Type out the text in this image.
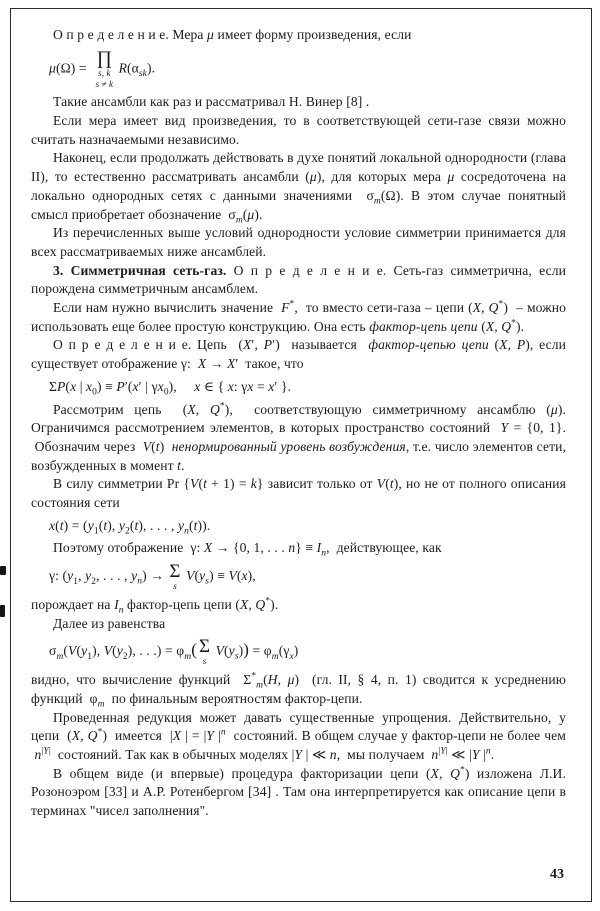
О п р е д е л е н и е. Мера μ имеет форму произведения, если

μ(Ω) = ∏
s, k
s ≠ k
$R(\alpha_{sk})$.

Такие ансамбли как раз и рассматривал Н. Винер [8] .

Если мера имеет вид произведения, то в соответствующей сети-газе связи можно считать назначаемыми независимо.

Наконец, если продолжать действовать в духе понятий локальной однородности (глава II), то естественно рассматривать ансамбли (μ), для которых мера μ сосредоточена на локально однородных сетях с данными значениями  $\sigma_m(\Omega)$. В этом случае понятный смысл приобретает обозначение  $\sigma_m(\mu)$.

Из перечисленных выше условий однородности условие симметрии принимается для всех рассматриваемых ниже ансамблей.

3. Симметричная сеть-газ. О п р е д е л е н и е. Сеть-газ симметрична, если порождена симметричным ансамблем.

Если нам нужно вычислить значение  F*,  то вместо сети-газа – цепи (X, Q*)  – можно использовать еще более простую конструкцию. Она есть фактор-цепь цепи (X, Q*).

О п р е д е л е н и е. Цепь  (X′, P′)  называется  фактор-цепью цепи (X, P), если существует отображение γ:  X → X′  такое, что

ΣP(x | $x_0) \equiv P'(x'$ | $\gamma x_0$),     x ∈ { x: γx = x′ }.

Рассмотрим цепь  (X, Q*),  соответствующую симметричному ансамблю (μ). Ограничимся рассмотрением элементов, в которых пространство состояний  Y = {0, 1}.  Обозначим через  V(t)  ненормированный уровень возбуждения, т.е. число элементов сети, возбужденных в момент t.

В силу симметрии Pr {V(t + 1) = k} зависит только от V(t), но не от полного описания состояния сети

$x(t) = (y_1(t)$, $y_2(t)$, . . . , $y_n(t)$).

Поэтому отображение  γ: X → {0, 1, . . . $n\} \equiv I_n$,  действующее, как

γ: ($y_1$, $y_2$, . . . , $y_n) \to \Sigma$
s
$V(y_s) \equiv V(x)$,

порождает на $I_n$ фактор-цепь цепи (X, Q*).

Далее из равенства

$\sigma_m(V(y_1)$, $V(y_2)$, . . .) = $\varphi_m$( Σ
s
$V(y_s)) = \varphi_m(\gamma_x)$

видно, что вычисление функций  $\Sigma^*_m(H$, μ)  (гл. II, § 4, п. 1) сводится к усреднению функций  $\varphi_m$  по финальным вероятностям фактор-цепи.

Проведенная редукция может давать существенные упрощения. Действительно, у цепи  (X, Q*)  имеется  |X | = |Y $|^n$  состояний. В общем случае у фактор-цепи не более чем  $n^{|Y|}$  состояний. Так как в обычных моделях |Y | ≪ n,  мы получаем  $n^{|Y|}$ ≪ |Y $|^n$.

В общем виде (и впервые) процедура факторизации цепи (X, Q*) изложена Л.И. Розоноэром [33] и А.Р. Ротенбергом [34] . Там она интерпретируется как описание цепи в терминах "чисел заполнения".

43
